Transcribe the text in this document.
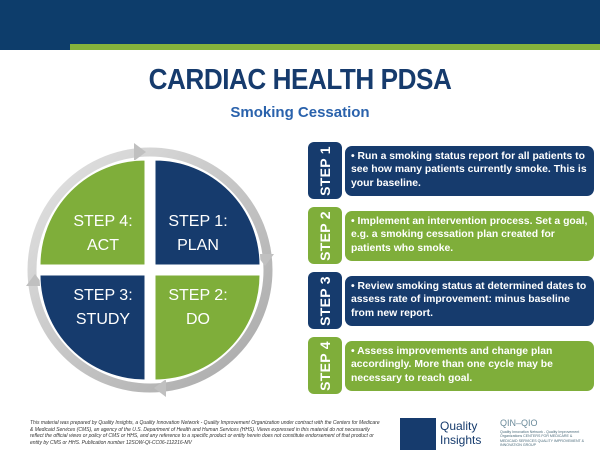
CARDIAC HEALTH PDSA
Smoking Cessation
STEP 4:
ACT
STEP 1:
PLAN
STEP 3:
STUDY
STEP 2:
DO
STEP 1	• Run a smoking status report for all patients to see how many patients currently smoke. This is your baseline.
STEP 2	• Implement an intervention process. Set a goal, e.g. a smoking cessation plan created for patients who smoke.
STEP 3	• Review smoking status at determined dates to assess rate of improvement: minus baseline from new report.
STEP 4	• Assess improvements and change plan accordingly. More than one cycle may be necessary to reach goal.
This material was prepared by Quality Insights, a Quality Innovation Network - Quality Improvement Organization under contract with the Centers for Medicare & Medicaid Services (CMS), an agency of the U.S. Department of Health and Human Services (HHS). Views expressed in this material do not necessarily reflect the official views or policy of CMS or HHS, and any reference to a specific product or entity herein does not constitute endorsement of that product or entity by CMS or HHS. Publication number 12SOW-QI-CC06-112216-MV
Quality
Insights
QIN–QIO
Quality Innovation Network - Quality Improvement Organizations CENTERS FOR MEDICARE & MEDICAID SERVICES QUALITY IMPROVEMENT & INNOVATION GROUP
